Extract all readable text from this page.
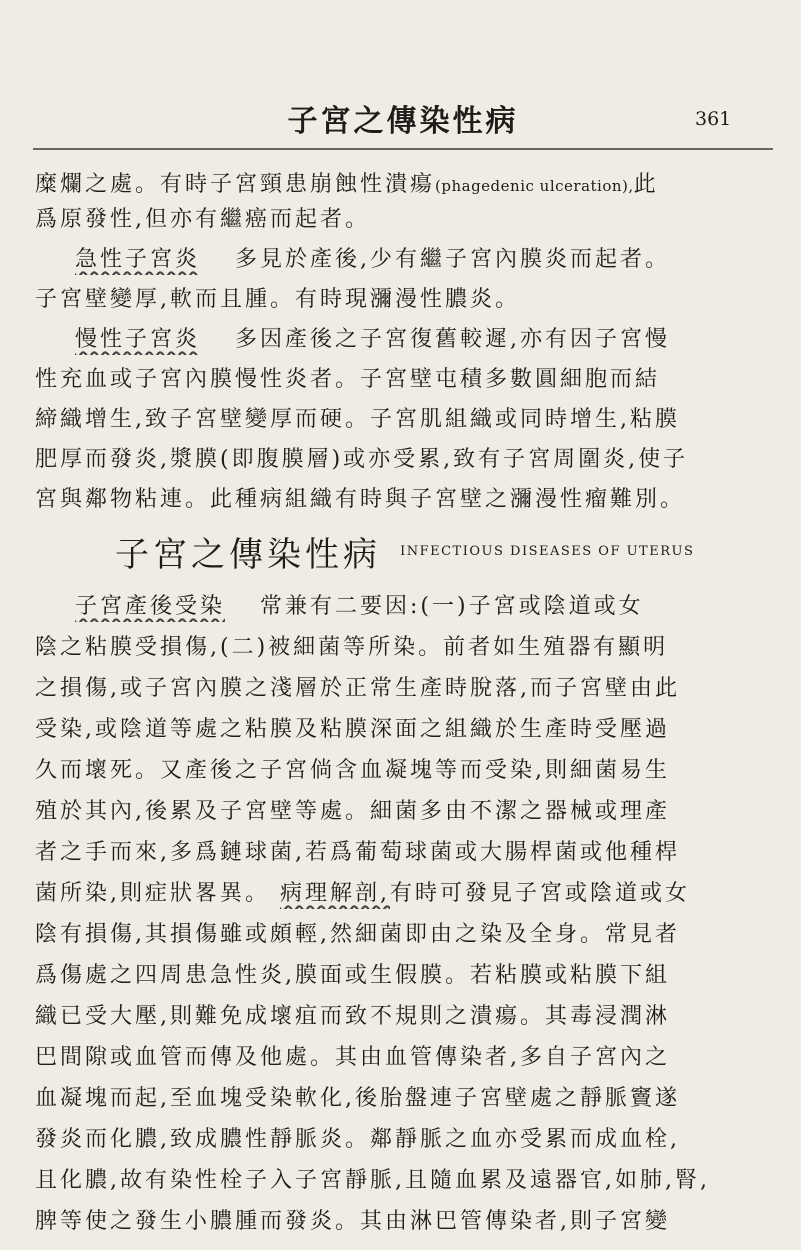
子宮之傳染性病	361
糜爛之處。有時子宮頸患崩蝕性潰瘍(phagedenic ulceration),此
爲原發性,但亦有繼癌而起者。
急性子宮炎　 多見於產後,少有繼子宮內膜炎而起者。
子宮壁變厚,軟而且腫。有時現瀰漫性膿炎。
慢性子宮炎　 多因產後之子宮復舊較遲,亦有因子宮慢
性充血或子宮內膜慢性炎者。子宮壁屯積多數圓細胞而結
締織增生,致子宮壁變厚而硬。子宮肌組織或同時增生,粘膜
肥厚而發炎,漿膜(即腹膜層)或亦受累,致有子宮周圍炎,使子
宮與鄰物粘連。此種病組織有時與子宮壁之瀰漫性瘤難別。
子宮之傳染性病 INFECTIOUS DISEASES OF UTERUS
子宮產後受染　 常兼有二要因:(一)子宮或陰道或女
陰之粘膜受損傷,(二)被細菌等所染。前者如生殖器有顯明
之損傷,或子宮內膜之淺層於正常生產時脫落,而子宮壁由此
受染,或陰道等處之粘膜及粘膜深面之組織於生產時受壓過
久而壞死。又產後之子宮倘含血凝塊等而受染,則細菌易生
殖於其內,後累及子宮壁等處。細菌多由不潔之器械或理產
者之手而來,多爲鏈球菌,若爲葡萄球菌或大腸桿菌或他種桿
菌所染,則症狀畧異。 病理解剖,有時可發見子宮或陰道或女
陰有損傷,其損傷雖或頗輕,然細菌即由之染及全身。常見者
爲傷處之四周患急性炎,膜面或生假膜。若粘膜或粘膜下組
織已受大壓,則難免成壞疽而致不規則之潰瘍。其毒浸潤淋
巴間隙或血管而傳及他處。其由血管傳染者,多自子宮內之
血凝塊而起,至血塊受染軟化,後胎盤連子宮壁處之靜脈竇遂
發炎而化膿,致成膿性靜脈炎。鄰靜脈之血亦受累而成血栓,
且化膿,故有染性栓子入子宮靜脈,且隨血累及遠器官,如肺,腎,
脾等使之發生小膿腫而發炎。其由淋巴管傳染者,則子宮變
